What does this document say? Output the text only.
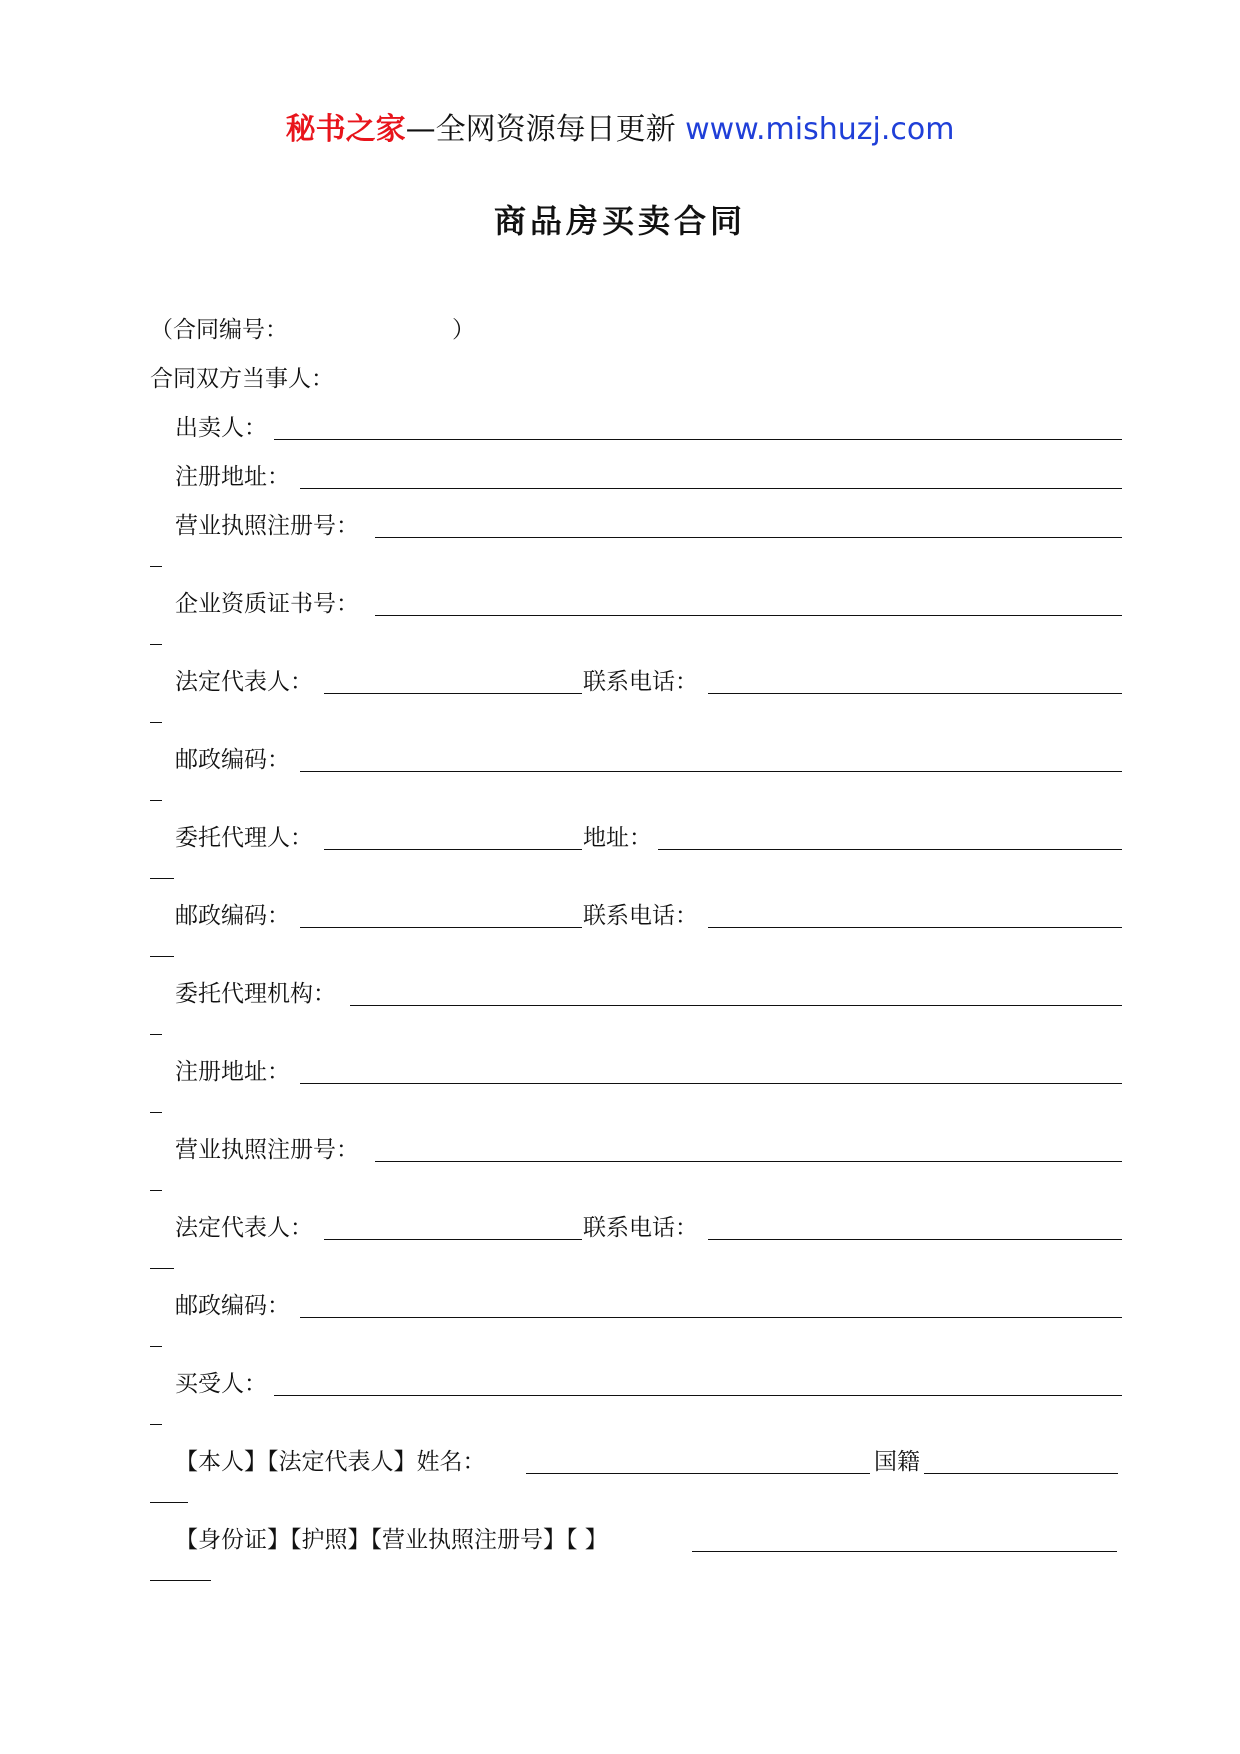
秘书之家—全网资源每日更新 www.mishuzj.com
商品房买卖合同
（合同编号：	）
合同双方当事人：
出卖人：
注册地址：
营业执照注册号：
企业资质证书号：
法定代表人：	联系电话：
邮政编码：
委托代理人：	地址：
邮政编码：	联系电话：
委托代理机构：
注册地址：
营业执照注册号：
法定代表人：	联系电话：
邮政编码：
买受人：
【本人】【法定代表人】姓名：	国籍
【身份证】【护照】【营业执照注册号】【 】
